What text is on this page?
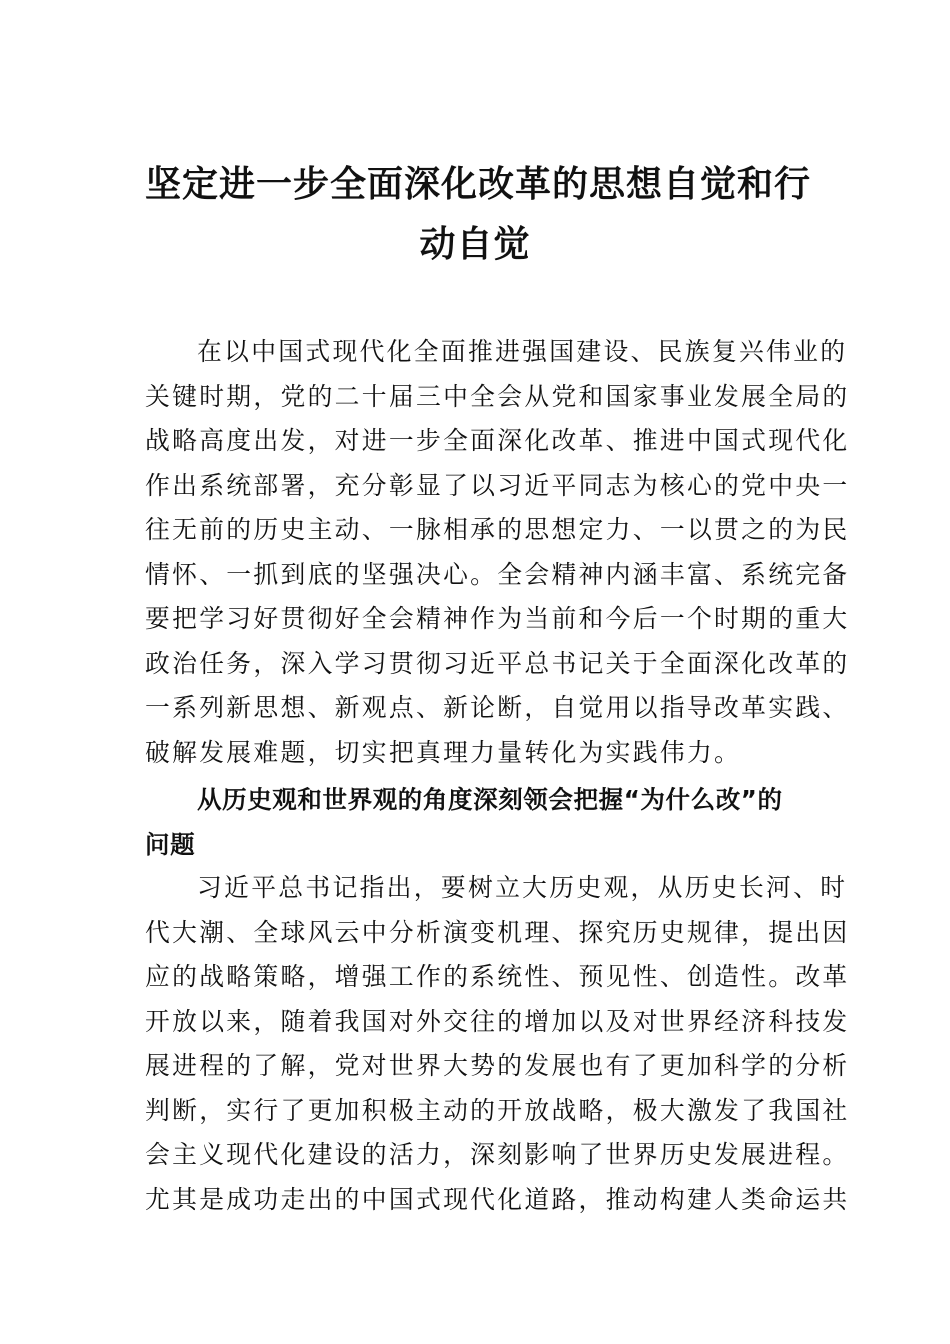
坚定进一步全面深化改革的思想自觉和行
动自觉
在以中国式现代化全面推进强国建设、民族复兴伟业的
关键时期，党的二十届三中全会从党和国家事业发展全局的
战略高度出发，对进一步全面深化改革、推进中国式现代化
作出系统部署，充分彰显了以习近平同志为核心的党中央一
往无前的历史主动、一脉相承的思想定力、一以贯之的为民
情怀、一抓到底的坚强决心。全会精神内涵丰富、系统完备
要把学习好贯彻好全会精神作为当前和今后一个时期的重大
政治任务，深入学习贯彻习近平总书记关于全面深化改革的
一系列新思想、新观点、新论断，自觉用以指导改革实践、
破解发展难题，切实把真理力量转化为实践伟力。
从历史观和世界观的角度深刻领会把握“为什么改”的
问题
习近平总书记指出，要树立大历史观，从历史长河、时
代大潮、全球风云中分析演变机理、探究历史规律，提出因
应的战略策略，增强工作的系统性、预见性、创造性。改革
开放以来，随着我国对外交往的增加以及对世界经济科技发
展进程的了解，党对世界大势的发展也有了更加科学的分析
判断，实行了更加积极主动的开放战略，极大激发了我国社
会主义现代化建设的活力，深刻影响了世界历史发展进程。
尤其是成功走出的中国式现代化道路，推动构建人类命运共
